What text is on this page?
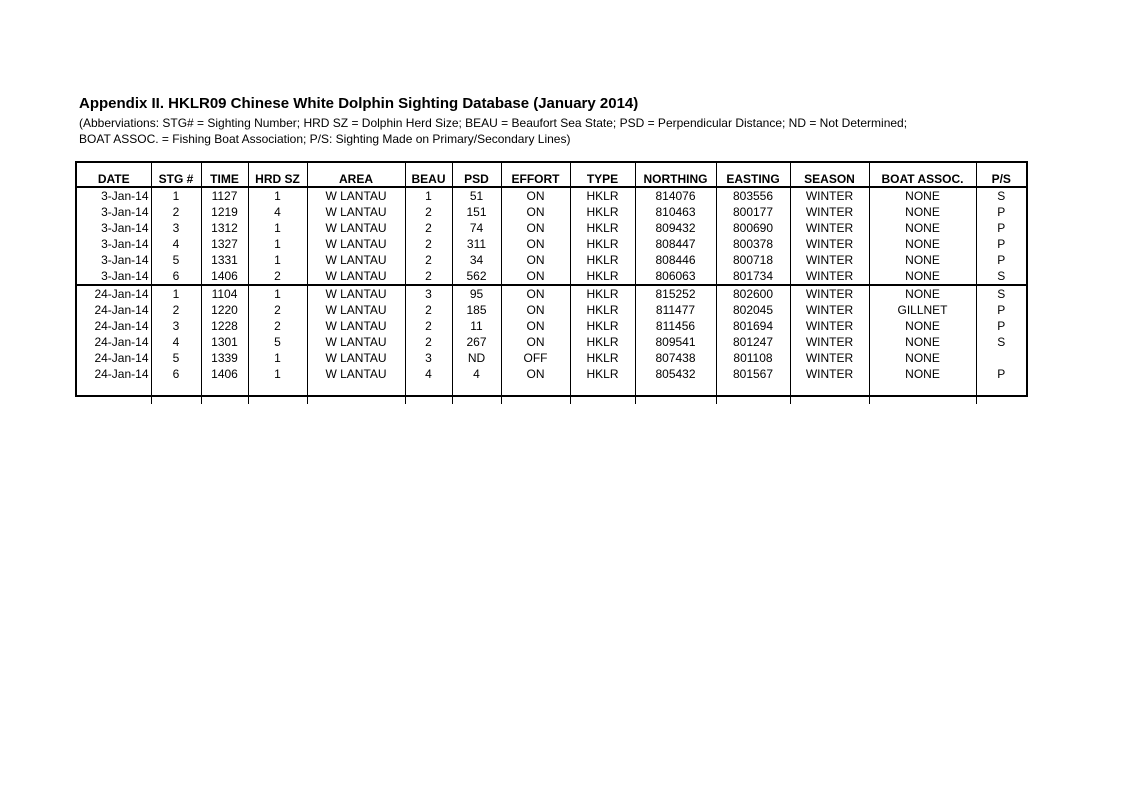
Appendix II. HKLR09 Chinese White Dolphin Sighting Database (January 2014)
(Abberviations: STG# = Sighting Number; HRD SZ = Dolphin Herd Size; BEAU = Beaufort Sea State; PSD = Perpendicular Distance; ND = Not Determined;
BOAT ASSOC. = Fishing Boat Association; P/S: Sighting Made on Primary/Secondary Lines)
DATE	STG #	TIME	HRD SZ	AREA	BEAU	PSD	EFFORT	TYPE	NORTHING	EASTING	SEASON	BOAT ASSOC.	P/S
3-Jan-14	1	1127	1	W LANTAU	1	51	ON	HKLR	814076	803556	WINTER	NONE	S
3-Jan-14	2	1219	4	W LANTAU	2	151	ON	HKLR	810463	800177	WINTER	NONE	P
3-Jan-14	3	1312	1	W LANTAU	2	74	ON	HKLR	809432	800690	WINTER	NONE	P
3-Jan-14	4	1327	1	W LANTAU	2	311	ON	HKLR	808447	800378	WINTER	NONE	P
3-Jan-14	5	1331	1	W LANTAU	2	34	ON	HKLR	808446	800718	WINTER	NONE	P
3-Jan-14	6	1406	2	W LANTAU	2	562	ON	HKLR	806063	801734	WINTER	NONE	S
24-Jan-14	1	1104	1	W LANTAU	3	95	ON	HKLR	815252	802600	WINTER	NONE	S
24-Jan-14	2	1220	2	W LANTAU	2	185	ON	HKLR	811477	802045	WINTER	GILLNET	P
24-Jan-14	3	1228	2	W LANTAU	2	11	ON	HKLR	811456	801694	WINTER	NONE	P
24-Jan-14	4	1301	5	W LANTAU	2	267	ON	HKLR	809541	801247	WINTER	NONE	S
24-Jan-14	5	1339	1	W LANTAU	3	ND	OFF	HKLR	807438	801108	WINTER	NONE	
24-Jan-14	6	1406	1	W LANTAU	4	4	ON	HKLR	805432	801567	WINTER	NONE	P
